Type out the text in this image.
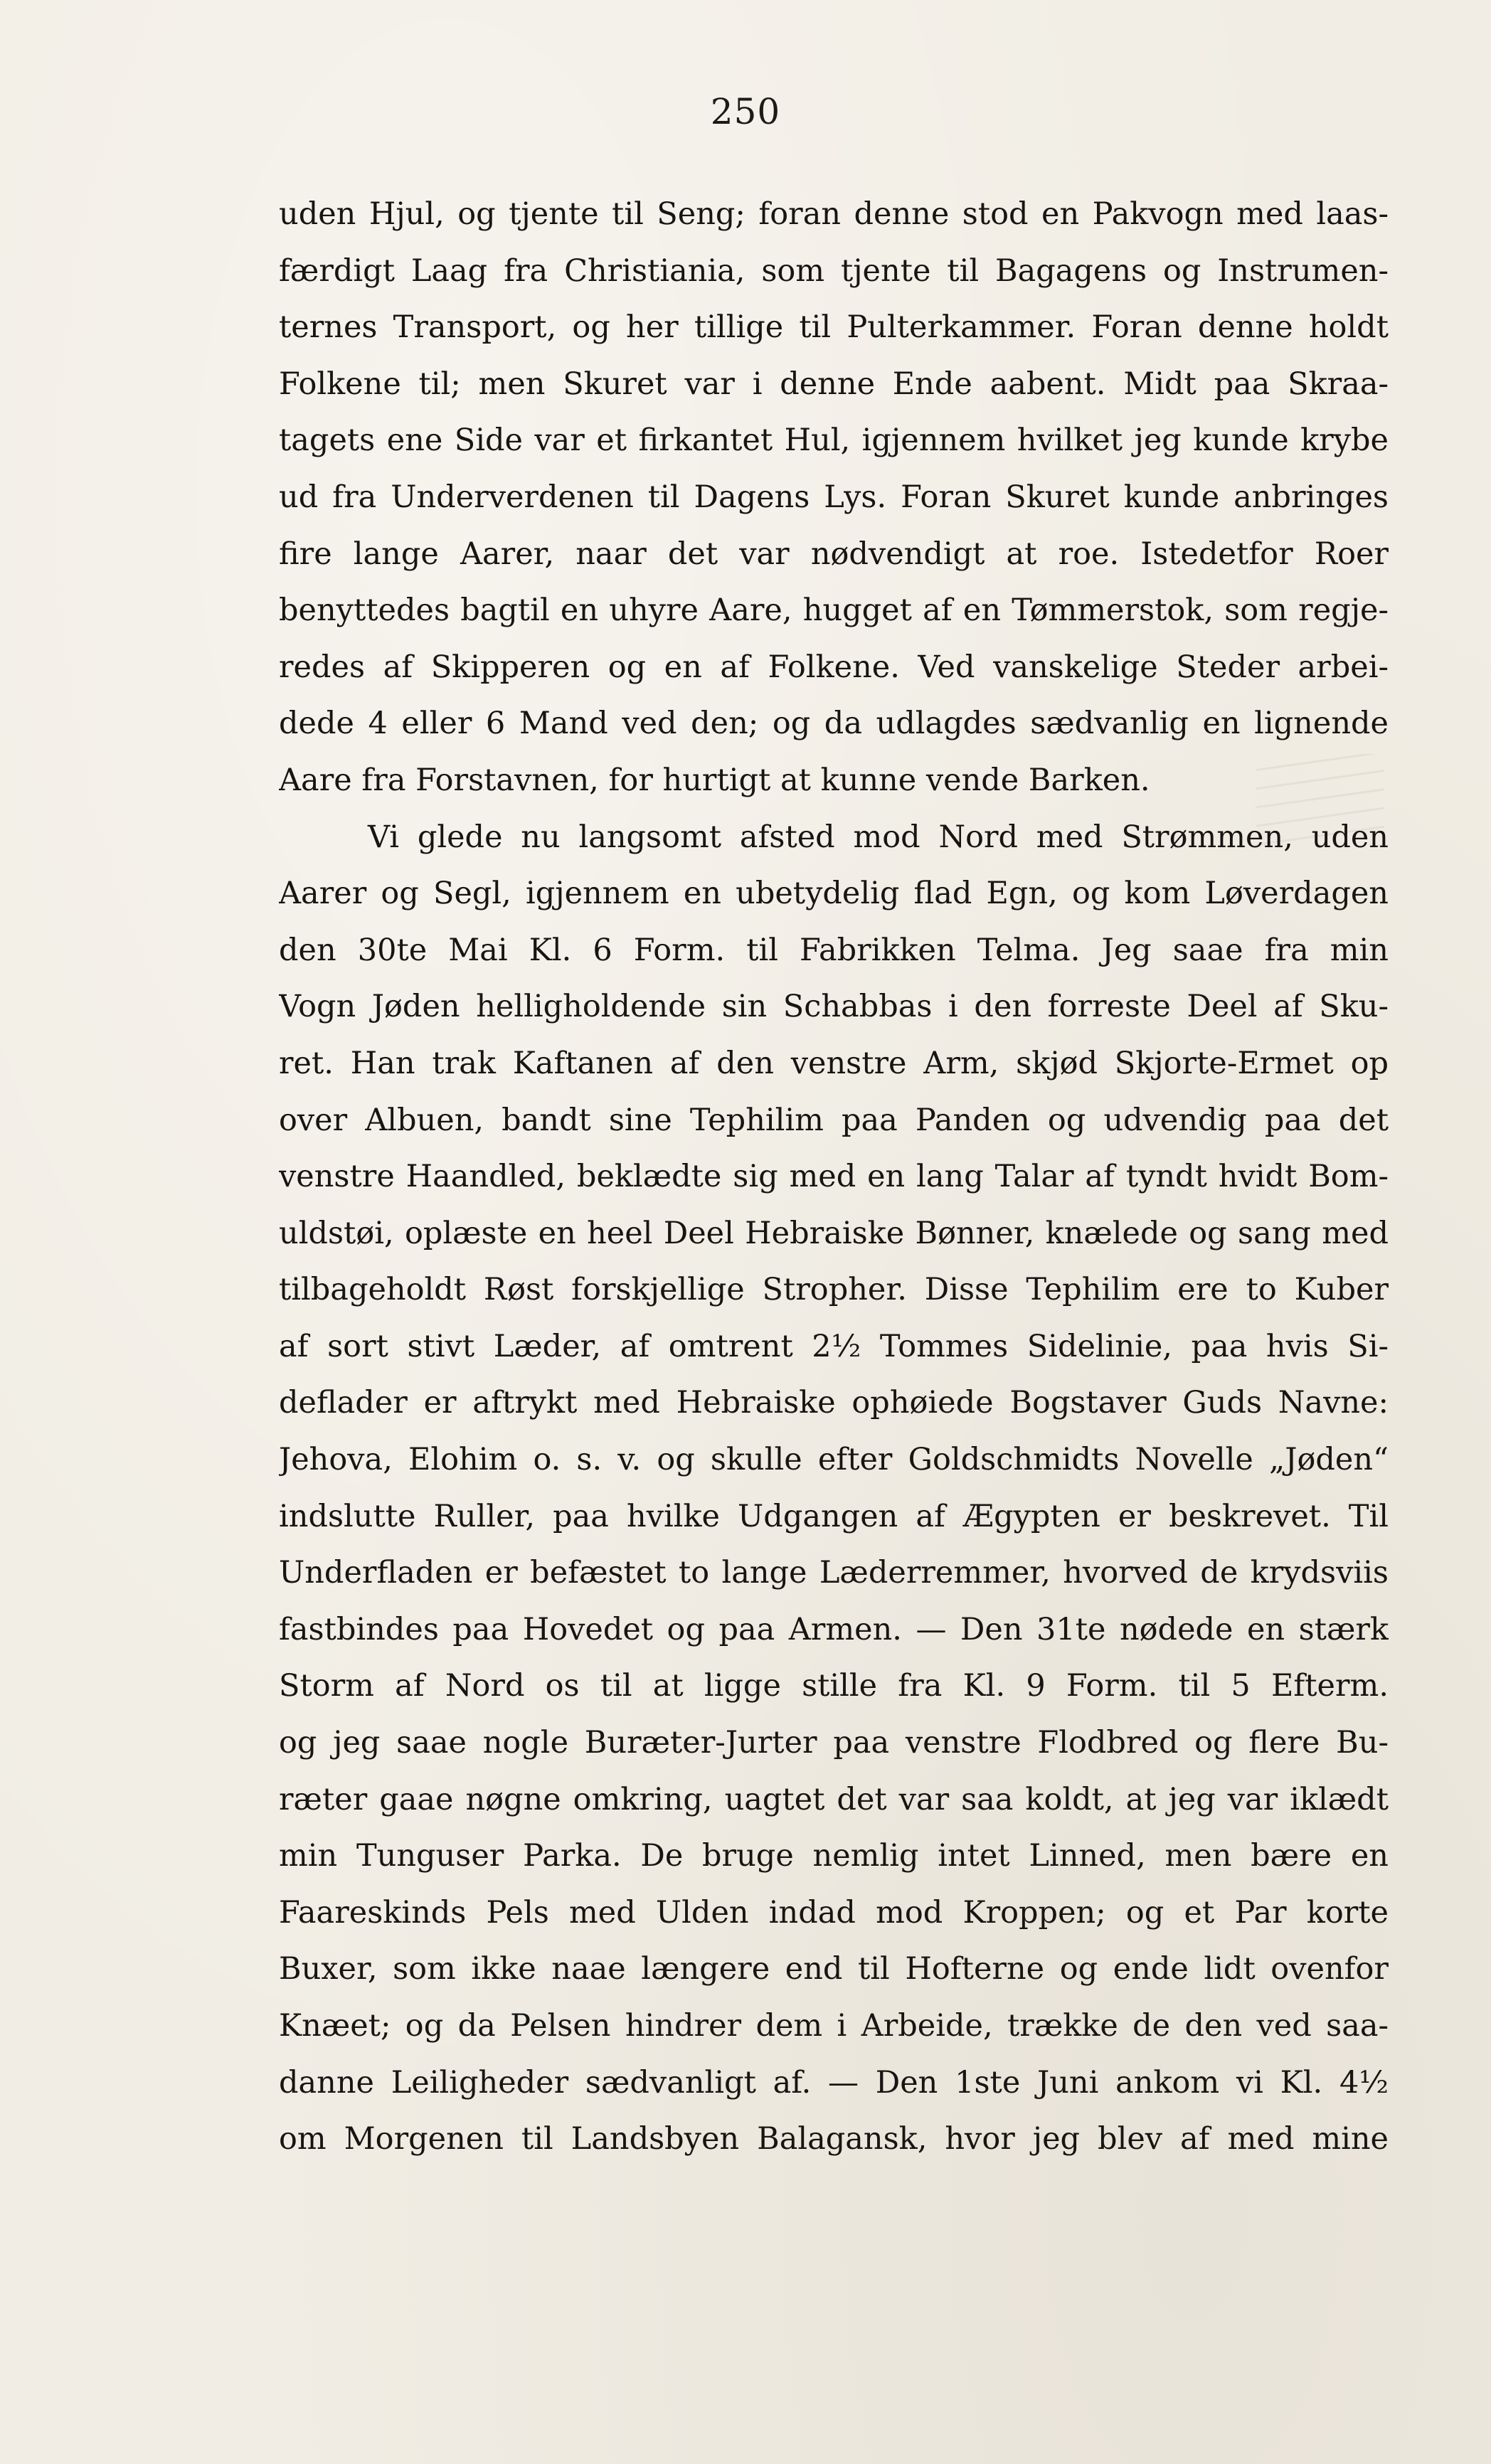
250
uden Hjul, og tjente til Seng; foran denne stod en Pakvogn med laas-
færdigt Laag fra Christiania, som tjente til Bagagens og Instrumen-
ternes Transport, og her tillige til Pulterkammer. Foran denne holdt
Folkene til; men Skuret var i denne Ende aabent. Midt paa Skraa-
tagets ene Side var et firkantet Hul, igjennem hvilket jeg kunde krybe
ud fra Underverdenen til Dagens Lys. Foran Skuret kunde anbringes
fire lange Aarer, naar det var nødvendigt at roe. Istedetfor Roer
benyttedes bagtil en uhyre Aare, hugget af en Tømmerstok, som regje-
redes af Skipperen og en af Folkene. Ved vanskelige Steder arbei-
dede 4 eller 6 Mand ved den; og da udlagdes sædvanlig en lignende
Aare fra Forstavnen, for hurtigt at kunne vende Barken.
Vi glede nu langsomt afsted mod Nord med Strømmen, uden
Aarer og Segl, igjennem en ubetydelig flad Egn, og kom Løverdagen
den 30te Mai Kl. 6 Form. til Fabrikken Telma. Jeg saae fra min
Vogn Jøden helligholdende sin Schabbas i den forreste Deel af Sku-
ret. Han trak Kaftanen af den venstre Arm, skjød Skjorte-Ermet op
over Albuen, bandt sine Tephilim paa Panden og udvendig paa det
venstre Haandled, beklædte sig med en lang Talar af tyndt hvidt Bom-
uldstøi, oplæste en heel Deel Hebraiske Bønner, knælede og sang med
tilbageholdt Røst forskjellige Stropher. Disse Tephilim ere to Kuber
af sort stivt Læder, af omtrent 2½ Tommes Sidelinie, paa hvis Si-
deflader er aftrykt med Hebraiske ophøiede Bogstaver Guds Navne:
Jehova, Elohim o. s. v. og skulle efter Goldschmidts Novelle „Jøden“
indslutte Ruller, paa hvilke Udgangen af Ægypten er beskrevet. Til
Underfladen er befæstet to lange Læderremmer, hvorved de krydsviis
fastbindes paa Hovedet og paa Armen. — Den 31te nødede en stærk
Storm af Nord os til at ligge stille fra Kl. 9 Form. til 5 Efterm.
og jeg saae nogle Buræter-Jurter paa venstre Flodbred og flere Bu-
ræter gaae nøgne omkring, uagtet det var saa koldt, at jeg var iklædt
min Tunguser Parka. De bruge nemlig intet Linned, men bære en
Faareskinds Pels med Ulden indad mod Kroppen; og et Par korte
Buxer, som ikke naae længere end til Hofterne og ende lidt ovenfor
Knæet; og da Pelsen hindrer dem i Arbeide, trække de den ved saa-
danne Leiligheder sædvanligt af. — Den 1ste Juni ankom vi Kl. 4½
om Morgenen til Landsbyen Balagansk, hvor jeg blev af med mine
